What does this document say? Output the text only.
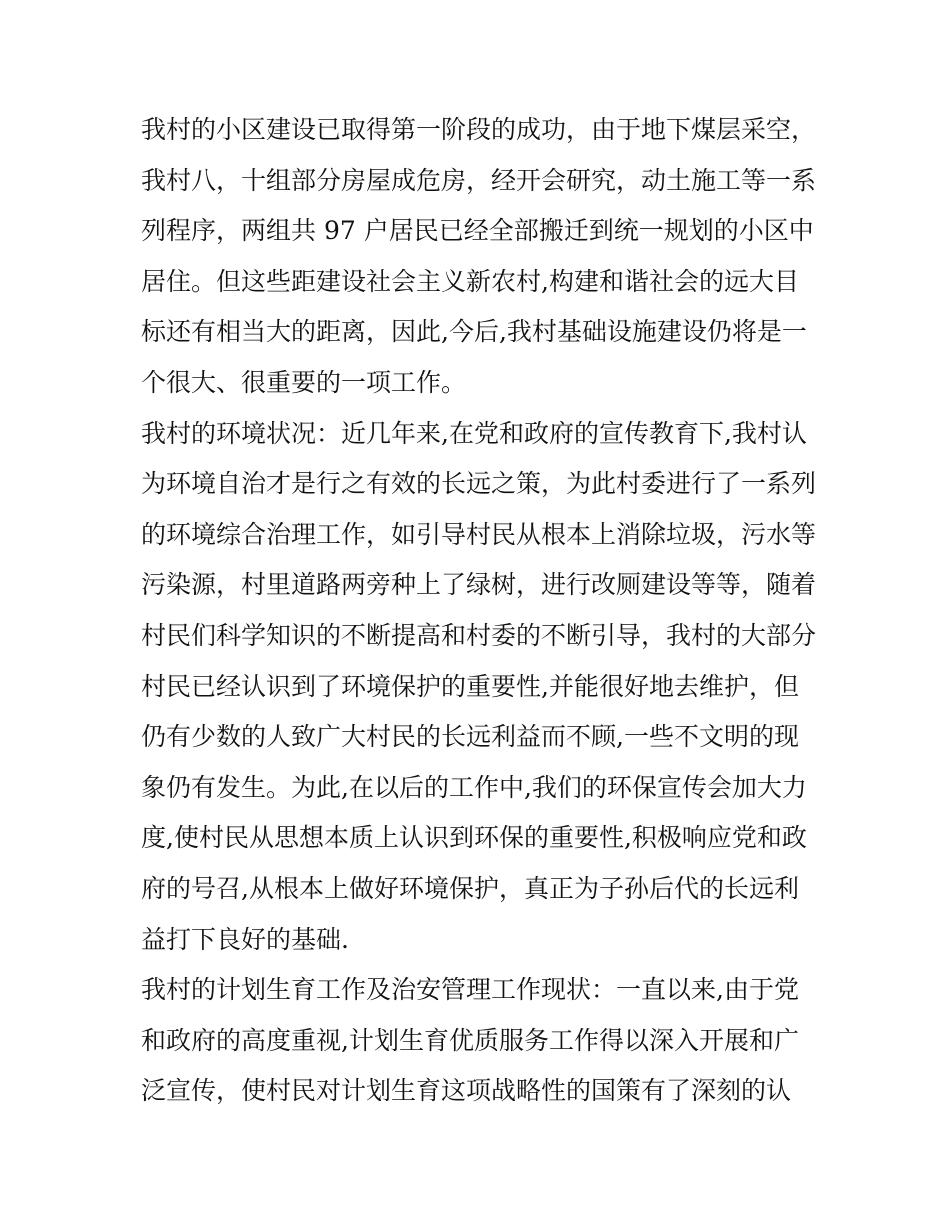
我村的小区建设已取得第一阶段的成功，由于地下煤层采空，
我村八，十组部分房屋成危房，经开会研究，动土施工等一系
列程序，两组共 97 户居民已经全部搬迁到统一规划的小区中
居住。但这些距建设社会主义新农村,构建和谐社会的远大目
标还有相当大的距离，因此,今后,我村基础设施建设仍将是一
个很大、很重要的一项工作。
我村的环境状况：近几年来,在党和政府的宣传教育下,我村认
为环境自治才是行之有效的长远之策，为此村委进行了一系列
的环境综合治理工作，如引导村民从根本上消除垃圾，污水等
污染源，村里道路两旁种上了绿树，进行改厕建设等等，随着
村民们科学知识的不断提高和村委的不断引导，我村的大部分
村民已经认识到了环境保护的重要性,并能很好地去维护，但
仍有少数的人致广大村民的长远利益而不顾,一些不文明的现
象仍有发生。为此,在以后的工作中,我们的环保宣传会加大力
度,使村民从思想本质上认识到环保的重要性,积极响应党和政
府的号召,从根本上做好环境保护，真正为子孙后代的长远利
益打下良好的基础.
我村的计划生育工作及治安管理工作现状：一直以来,由于党
和政府的高度重视,计划生育优质服务工作得以深入开展和广
泛宣传，使村民对计划生育这项战略性的国策有了深刻的认
